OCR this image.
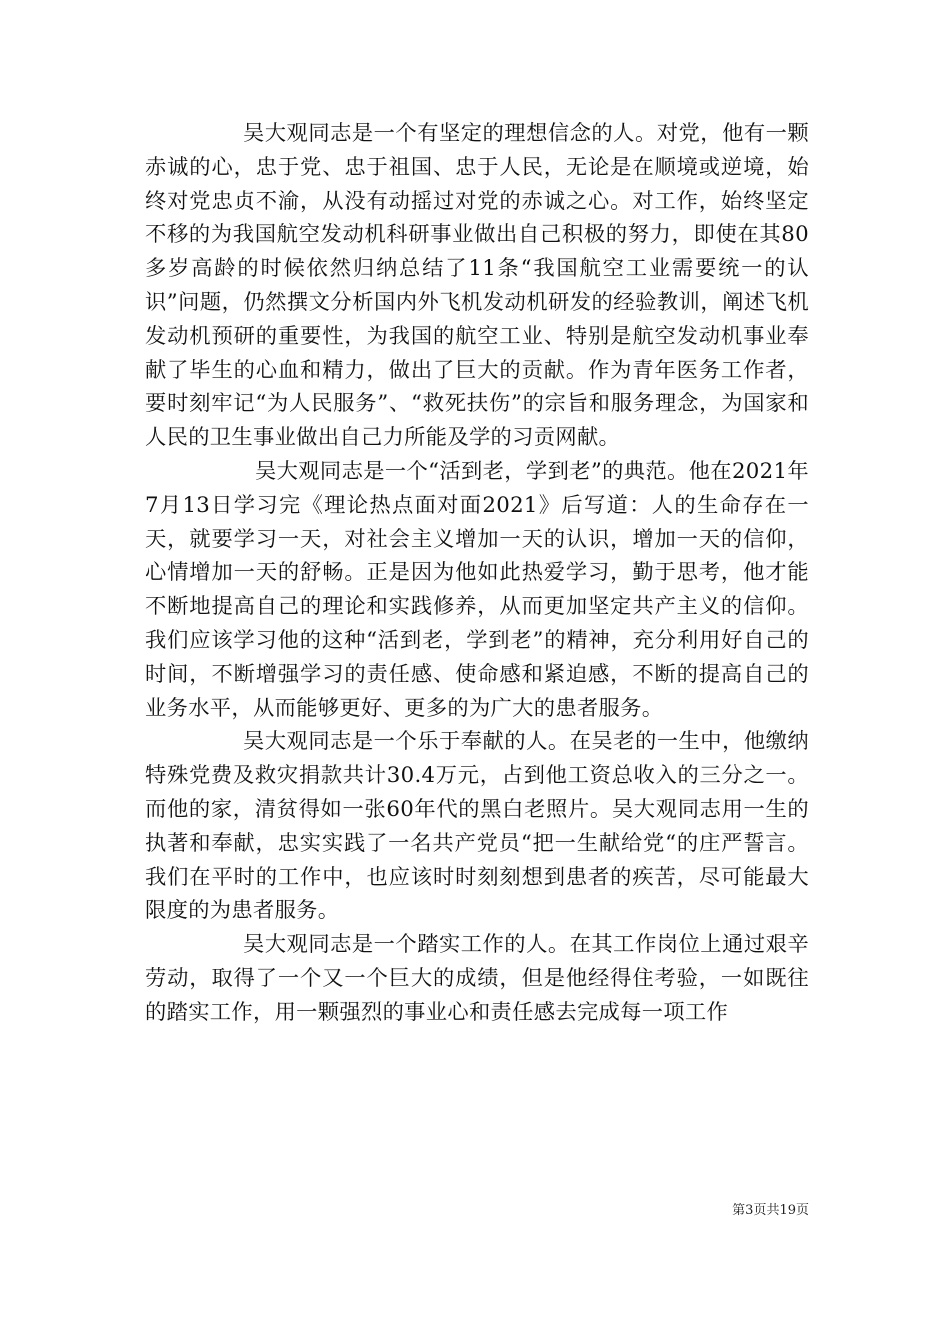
吴大观同志是一个有坚定的理想信念的人。对党，他有一颗赤诚的心，忠于党、忠于祖国、忠于人民，无论是在顺境或逆境，始终对党忠贞不渝，从没有动摇过对党的赤诚之心。对工作，始终坚定不移的为我国航空发动机科研事业做出自己积极的努力，即使在其80多岁高龄的时候依然归纳总结了11条“我国航空工业需要统一的认识”问题，仍然撰文分析国内外飞机发动机研发的经验教训，阐述飞机发动机预研的重要性，为我国的航空工业、特别是航空发动机事业奉献了毕生的心血和精力，做出了巨大的贡献。作为青年医务工作者，要时刻牢记“为人民服务”、“救死扶伤”的宗旨和服务理念，为国家和人民的卫生事业做出自己力所能及学的习贡网献。

吴大观同志是一个“活到老，学到老”的典范。他在2021年7月13日学习完《理论热点面对面2021》后写道：人的生命存在一天，就要学习一天，对社会主义增加一天的认识，增加一天的信仰，心情增加一天的舒畅。正是因为他如此热爱学习，勤于思考，他才能不断地提高自己的理论和实践修养，从而更加坚定共产主义的信仰。我们应该学习他的这种“活到老，学到老”的精神，充分利用好自己的时间，不断增强学习的责任感、使命感和紧迫感，不断的提高自己的业务水平，从而能够更好、更多的为广大的患者服务。

吴大观同志是一个乐于奉献的人。在吴老的一生中，他缴纳特殊党费及救灾捐款共计30.4万元，占到他工资总收入的三分之一。而他的家，清贫得如一张60年代的黑白老照片。吴大观同志用一生的执著和奉献，忠实实践了一名共产党员“把一生献给党“的庄严誓言。我们在平时的工作中，也应该时时刻刻想到患者的疾苦，尽可能最大限度的为患者服务。

吴大观同志是一个踏实工作的人。在其工作岗位上通过艰辛劳动，取得了一个又一个巨大的成绩，但是他经得住考验，一如既往的踏实工作，用一颗强烈的事业心和责任感去完成每一项工作

第3页共19页
